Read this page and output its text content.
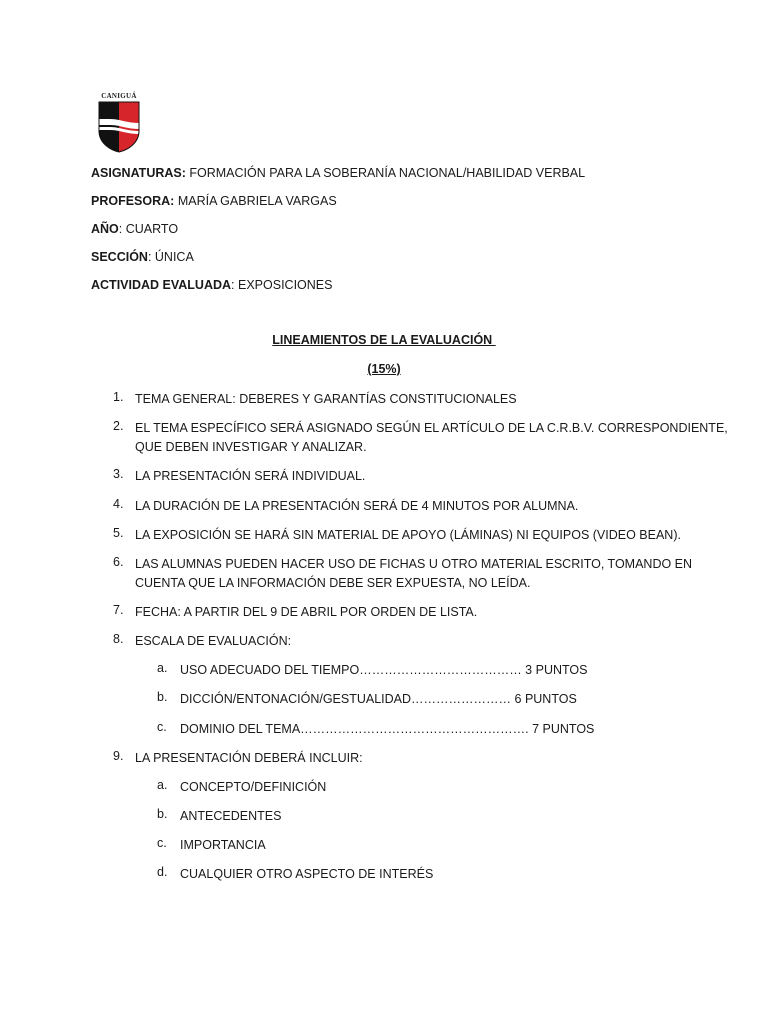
CANIGUÁ
ASIGNATURAS: FORMACIÓN PARA LA SOBERANÍA NACIONAL/HABILIDAD VERBAL
PROFESORA: MARÍA GABRIELA VARGAS
AÑO: CUARTO
SECCIÓN: ÚNICA
ACTIVIDAD EVALUADA: EXPOSICIONES
LINEAMIENTOS DE LA EVALUACIÓN
(15%)
1. TEMA GENERAL: DEBERES Y GARANTÍAS CONSTITUCIONALES
2. EL TEMA ESPECÍFICO SERÁ ASIGNADO SEGÚN EL ARTÍCULO DE LA C.R.B.V. CORRESPONDIENTE,
QUE DEBEN INVESTIGAR Y ANALIZAR.
3. LA PRESENTACIÓN SERÁ INDIVIDUAL.
4. LA DURACIÓN DE LA PRESENTACIÓN SERÁ DE 4 MINUTOS POR ALUMNA.
5. LA EXPOSICIÓN SE HARÁ SIN MATERIAL DE APOYO (LÁMINAS) NI EQUIPOS (VIDEO BEAN).
6. LAS ALUMNAS PUEDEN HACER USO DE FICHAS U OTRO MATERIAL ESCRITO, TOMANDO EN
CUENTA QUE LA INFORMACIÓN DEBE SER EXPUESTA, NO LEÍDA.
7. FECHA: A PARTIR DEL 9 DE ABRIL POR ORDEN DE LISTA.
8. ESCALA DE EVALUACIÓN:
a. USO ADECUADO DEL TIEMPO………………………………… 3 PUNTOS
b. DICCIÓN/ENTONACIÓN/GESTUALIDAD…………………… 6 PUNTOS
c. DOMINIO DEL TEMA………………………………………………. 7 PUNTOS
9. LA PRESENTACIÓN DEBERÁ INCLUIR:
a. CONCEPTO/DEFINICIÓN
b. ANTECEDENTES
c. IMPORTANCIA
d. CUALQUIER OTRO ASPECTO DE INTERÉS
